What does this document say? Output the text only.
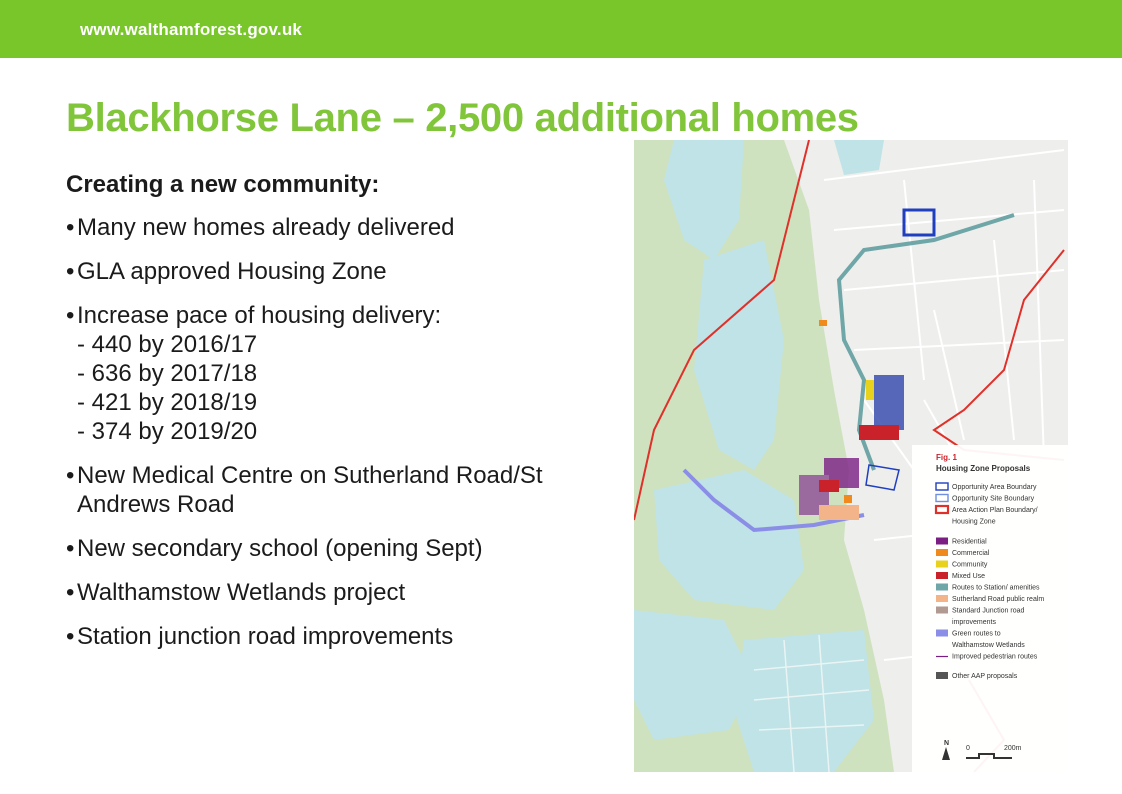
www.walthamforest.gov.uk
Blackhorse Lane – 2,500 additional homes
Creating a new community:
• Many new homes already delivered
• GLA approved Housing Zone
• Increase pace of housing delivery:
- 440 by 2016/17
- 636 by 2017/18
- 421 by 2018/19
- 374 by 2019/20
• New Medical Centre on Sutherland Road/St Andrews Road
• New secondary school (opening Sept)
• Walthamstow Wetlands project
• Station junction road improvements
Fig. 1
Housing Zone Proposals
Opportunity Area Boundary
Opportunity Site Boundary
Area Action Plan Boundary/
Housing Zone
Residential
Commercial
Community
Mixed Use
Routes to Station/ amenities
Sutherland Road public realm
Standard Junction road
improvements
Green routes to
Walthamstow Wetlands
Improved pedestrian routes
Other AAP proposals
N
0	200m
